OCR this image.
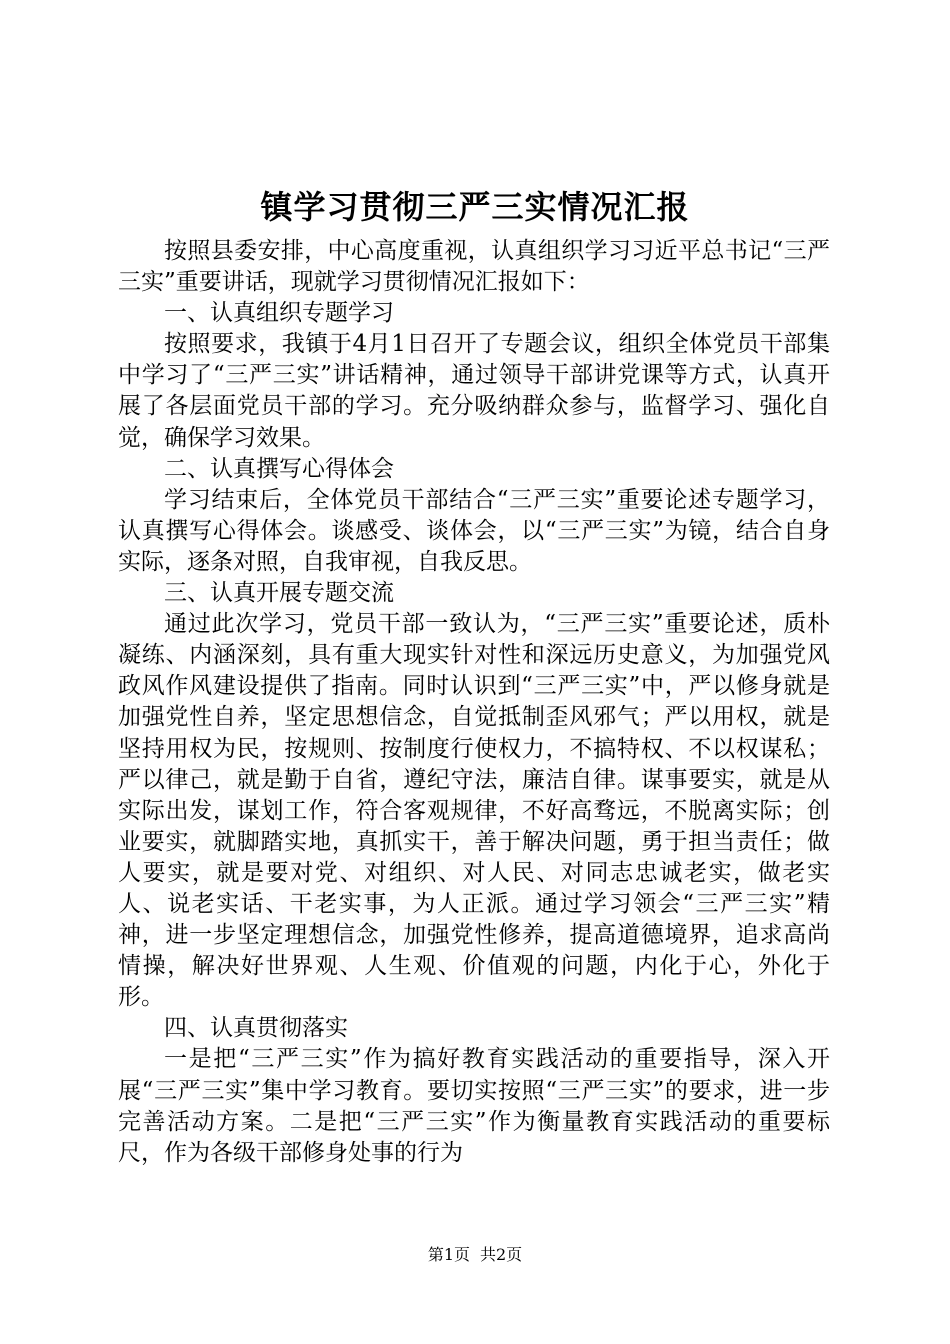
镇学习贯彻三严三实情况汇报

按照县委安排，中心高度重视，认真组织学习习近平总书记“三严三实”重要讲话，现就学习贯彻情况汇报如下：

一、认真组织专题学习

按照要求，我镇于4月1日召开了专题会议，组织全体党员干部集中学习了“三严三实”讲话精神，通过领导干部讲党课等方式，认真开展了各层面党员干部的学习。充分吸纳群众参与，监督学习、强化自觉，确保学习效果。

二、认真撰写心得体会

学习结束后，全体党员干部结合“三严三实”重要论述专题学习，认真撰写心得体会。谈感受、谈体会，以“三严三实”为镜，结合自身实际，逐条对照，自我审视，自我反思。

三、认真开展专题交流

通过此次学习，党员干部一致认为，“三严三实”重要论述，质朴凝练、内涵深刻，具有重大现实针对性和深远历史意义，为加强党风政风作风建设提供了指南。同时认识到“三严三实”中，严以修身就是加强党性自养，坚定思想信念，自觉抵制歪风邪气；严以用权，就是坚持用权为民，按规则、按制度行使权力，不搞特权、不以权谋私；严以律己，就是勤于自省，遵纪守法，廉洁自律。谋事要实，就是从实际出发，谋划工作，符合客观规律，不好高骛远，不脱离实际；创业要实，就脚踏实地，真抓实干，善于解决问题，勇于担当责任；做人要实，就是要对党、对组织、对人民、对同志忠诚老实，做老实人、说老实话、干老实事，为人正派。通过学习领会“三严三实”精神，进一步坚定理想信念，加强党性修养，提高道德境界，追求高尚情操，解决好世界观、人生观、价值观的问题，内化于心，外化于形。

四、认真贯彻落实

一是把“三严三实”作为搞好教育实践活动的重要指导，深入开展“三严三实”集中学习教育。要切实按照“三严三实”的要求，进一步完善活动方案。二是把“三严三实”作为衡量教育实践活动的重要标尺，作为各级干部修身处事的行为

第1页 共2页
